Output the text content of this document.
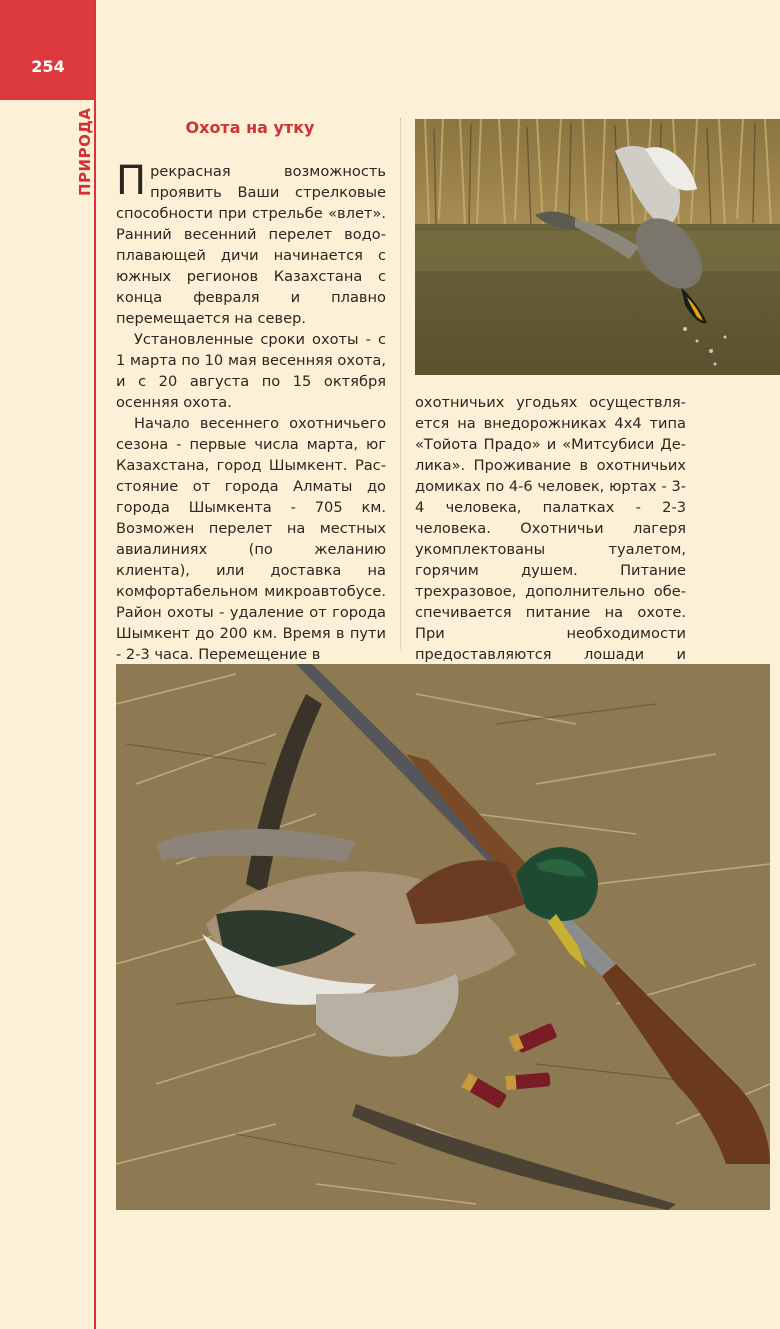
254
ПРИРОДА	Охота на утку

Прекрасная возможность проявить Ваши стрелковые способности при стрельбе «влет». Ранний весенний перелет водоплавающей дичи начинается с южных регионов Казахстана с конца февраля и плавно перемещается на север.

Установленные сроки охоты - с 1 марта по 10 мая весенняя охота, и с 20 августа по 15 октября осенняя охота.

Начало весеннего охотничьего сезона - первые числа марта, юг Казахстана, город Шымкент. Расстояние от города Алматы до города Шымкента - 705 км. Возможен перелет на местных авиалиниях (по желанию клиента), или доставка на комфортабельном микроавтобусе. Район охоты - удаление от города Шымкент до 200 км. Время в пути - 2-3 часа. Перемещение в

охотничьих угодьях осуществляется на внедорожниках 4х4 типа «Тойота Прадо» и «Митсубиси Делика». Проживание в охотничьих домиках по 4-6 человек, юртах - 3-4 человека, палатках - 2-3 человека. Охотничьи лагеря укомплектованы туалетом, горячим душем. Питание трехразовое, дополнительно обеспечивается питание на охоте. При необходимости предоставляются лошади и
